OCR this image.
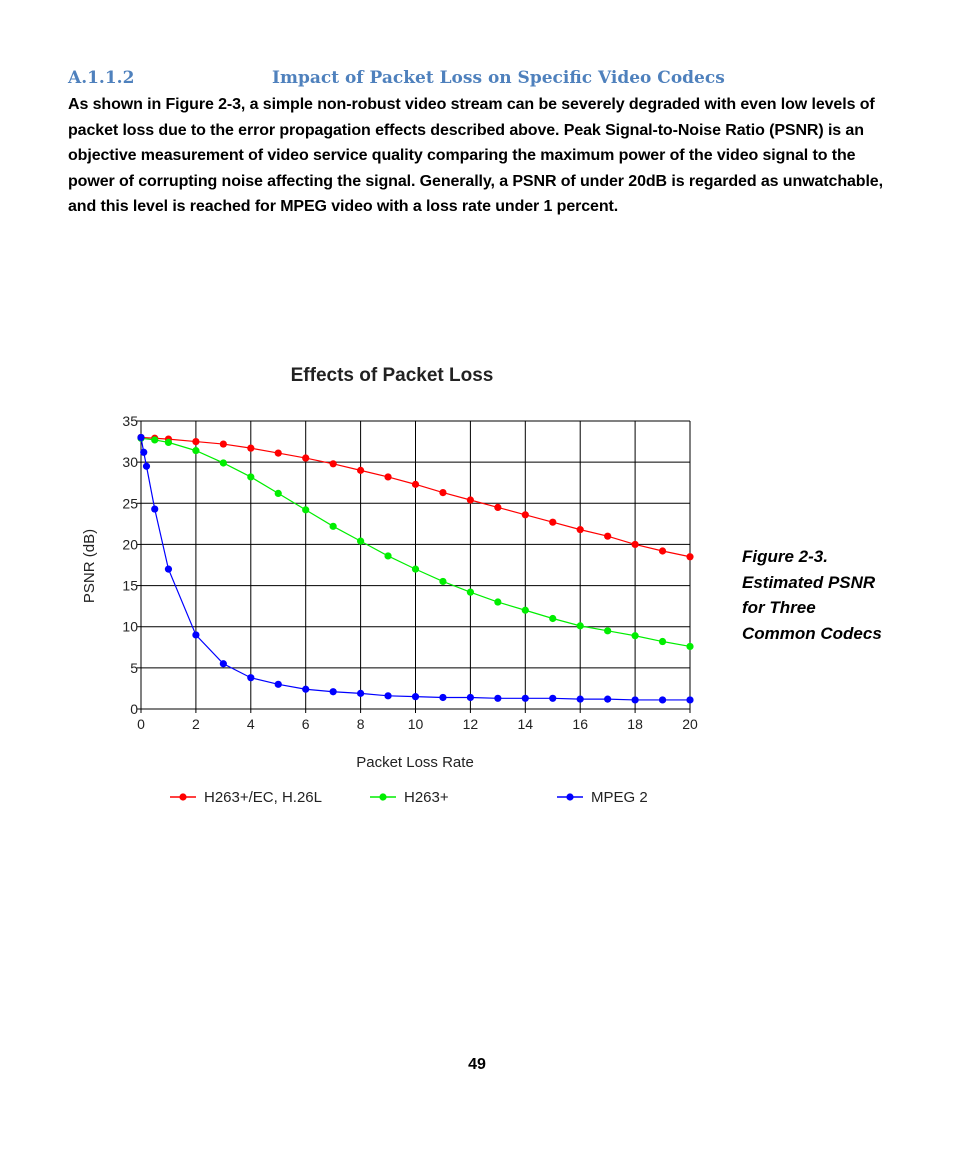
A.1.1.2	Impact of Packet Loss on Specific Video Codecs

As shown in Figure 2-3, a simple non-robust video stream can be severely degraded with even low levels of packet loss due to the error propagation effects described above. Peak Signal-to-Noise Ratio (PSNR) is an objective measurement of video service quality comparing the maximum power of the video signal to the power of corrupting noise affecting the signal. Generally, a PSNR of under 20dB is regarded as unwatchable, and this level is reached for MPEG video with a loss rate under 1 percent.

Effects of Packet Loss
0
5
10
15
20
25
30
35
0	2	4	6	8	10	12	14	16	18	20
PSNR (dB)
Packet Loss Rate
H263+/EC, H.26L	H263+	MPEG 2

Figure 2-3.
Estimated PSNR
for Three
Common Codecs

49
